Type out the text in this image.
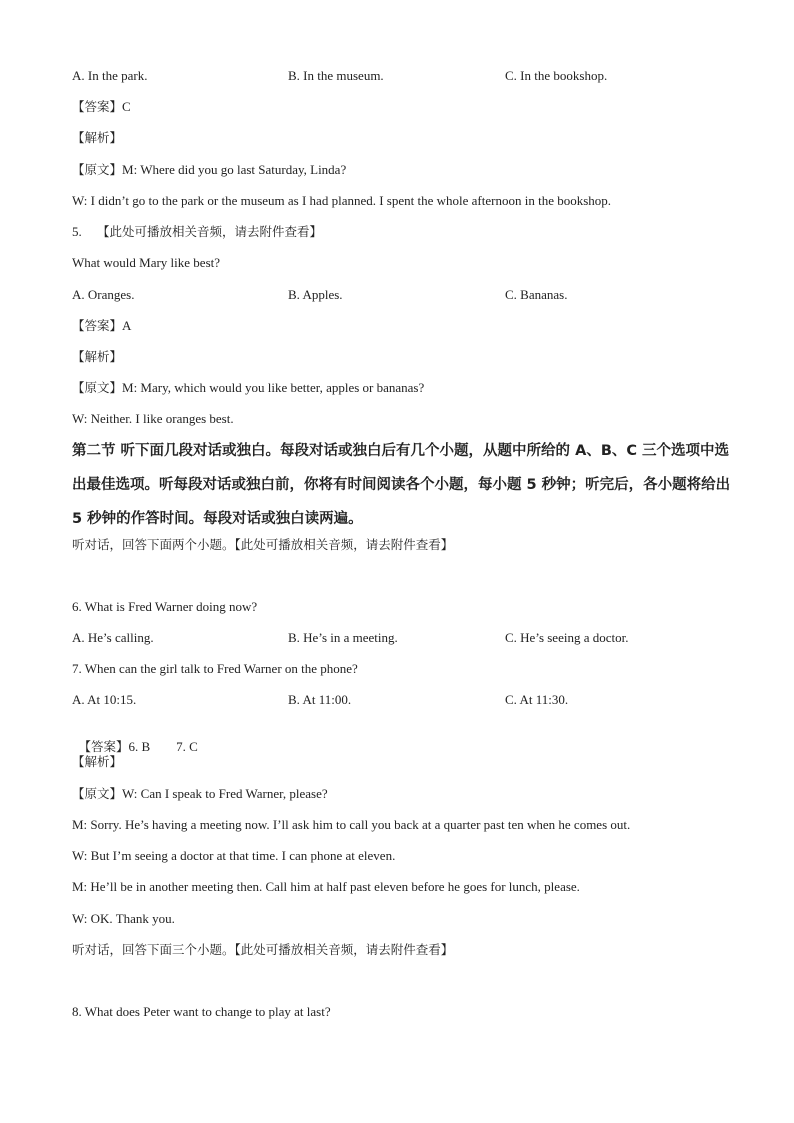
A. In the park.	B. In the museum.	C. In the bookshop.
【答案】C
【解析】
【原文】M: Where did you go last Saturday, Linda?
W: I didn’t go to the park or the museum as I had planned. I spent the whole afternoon in the bookshop.
5. 【此处可播放相关音频，请去附件查看】
What would Mary like best?
A. Oranges.	B. Apples.	C. Bananas.
【答案】A
【解析】
【原文】M: Mary, which would you like better, apples or bananas?
W: Neither. I like oranges best.
第二节 听下面几段对话或独白。每段对话或独白后有几个小题，从题中所给的 A、B、C 三个选项中选出最佳选项。听每段对话或独白前，你将有时间阅读各个小题，每小题 5 秒钟；听完后，各小题将给出 5 秒钟的作答时间。每段对话或独白读两遍。
听对话，回答下面两个小题。【此处可播放相关音频，请去附件查看】
6. What is Fred Warner doing now?
A. He’s calling.	B. He’s in a meeting.	C. He’s seeing a doctor.
7. When can the girl talk to Fred Warner on the phone?
A. At 10:15.	B. At 11:00.	C. At 11:30.

【答案】6. B        7. C

【解析】
【原文】W: Can I speak to Fred Warner, please?
M: Sorry. He’s having a meeting now. I’ll ask him to call you back at a quarter past ten when he comes out.
W: But I’m seeing a doctor at that time. I can phone at eleven.
M: He’ll be in another meeting then. Call him at half past eleven before he goes for lunch, please.
W: OK. Thank you.
听对话，回答下面三个小题。【此处可播放相关音频，请去附件查看】
8. What does Peter want to change to play at last?
